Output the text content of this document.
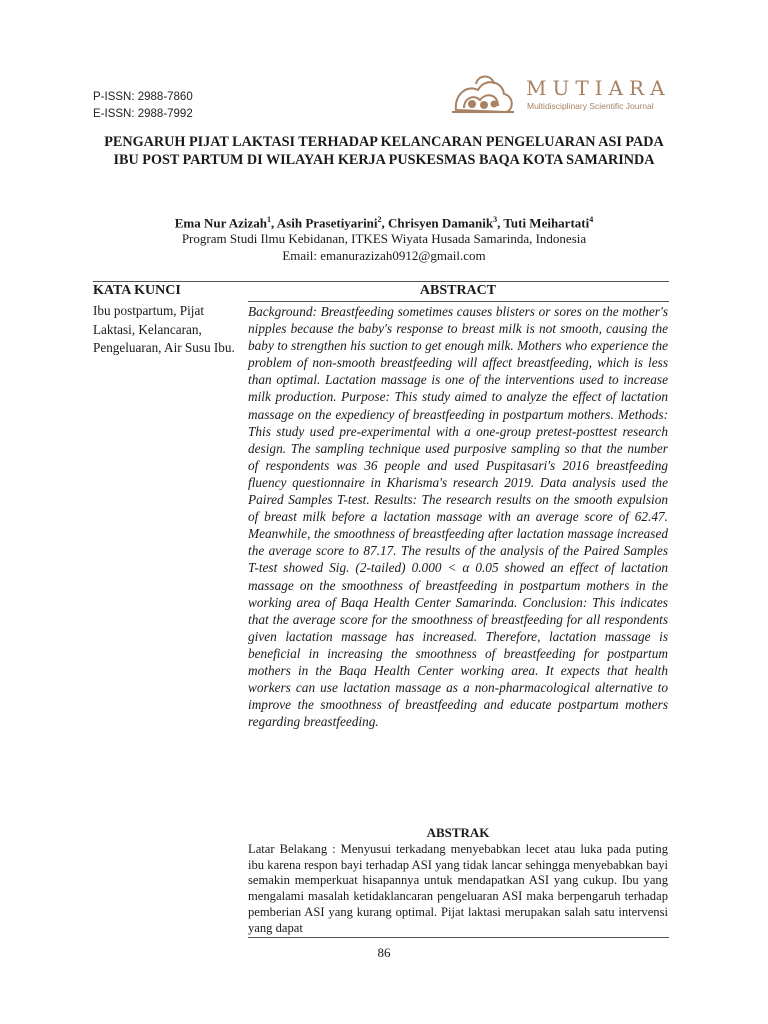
P-ISSN: 2988-7860
E-ISSN: 2988-7992
MUTIARA
Multidisciplinary Scientific Journal
PENGARUH PIJAT LAKTASI TERHADAP KELANCARAN PENGELUARAN ASI PADA IBU POST PARTUM DI WILAYAH KERJA PUSKESMAS BAQA KOTA SAMARINDA
Ema Nur Azizah$^1$, Asih Prasetiyarini$^2$, Chrisyen Damanik$^3$, Tuti Meihartati$^4$
Program Studi Ilmu Kebidanan, ITKES Wiyata Husada Samarinda, Indonesia
Email: emanurazizah0912@gmail.com
KATA KUNCI
Ibu postpartum, Pijat Laktasi, Kelancaran, Pengeluaran, Air Susu Ibu.
ABSTRACT
Background: Breastfeeding sometimes causes blisters or sores on the mother's nipples because the baby's response to breast milk is not smooth, causing the baby to strengthen his suction to get enough milk. Mothers who experience the problem of non-smooth breastfeeding will affect breastfeeding, which is less than optimal. Lactation massage is one of the interventions used to increase milk production. Purpose: This study aimed to analyze the effect of lactation massage on the expediency of breastfeeding in postpartum mothers. Methods: This study used pre-experimental with a one-group pretest-posttest research design. The sampling technique used purposive sampling so that the number of respondents was 36 people and used Puspitasari's 2016 breastfeeding fluency questionnaire in Kharisma's research 2019. Data analysis used the Paired Samples T-test. Results: The research results on the smooth expulsion of breast milk before a lactation massage with an average score of 62.47. Meanwhile, the smoothness of breastfeeding after lactation massage increased the average score to 87.17. The results of the analysis of the Paired Samples T-test showed Sig. (2-tailed) 0.000 < α 0.05 showed an effect of lactation massage on the smoothness of breastfeeding in postpartum mothers in the working area of Baqa Health Center Samarinda. Conclusion: This indicates that the average score for the smoothness of breastfeeding for all respondents given lactation massage has increased. Therefore, lactation massage is beneficial in increasing the smoothness of breastfeeding for postpartum mothers in the Baqa Health Center working area. It expects that health workers can use lactation massage as a non-pharmacological alternative to improve the smoothness of breastfeeding and educate postpartum mothers regarding breastfeeding.
ABSTRAK
Latar Belakang : Menyusui terkadang menyebabkan lecet atau luka pada puting ibu karena respon bayi terhadap ASI yang tidak lancar sehingga menyebabkan bayi semakin memperkuat hisapannya untuk mendapatkan ASI yang cukup. Ibu yang mengalami masalah ketidaklancaran pengeluaran ASI maka berpengaruh terhadap pemberian ASI yang kurang optimal. Pijat laktasi merupakan salah satu intervensi yang dapat
86
